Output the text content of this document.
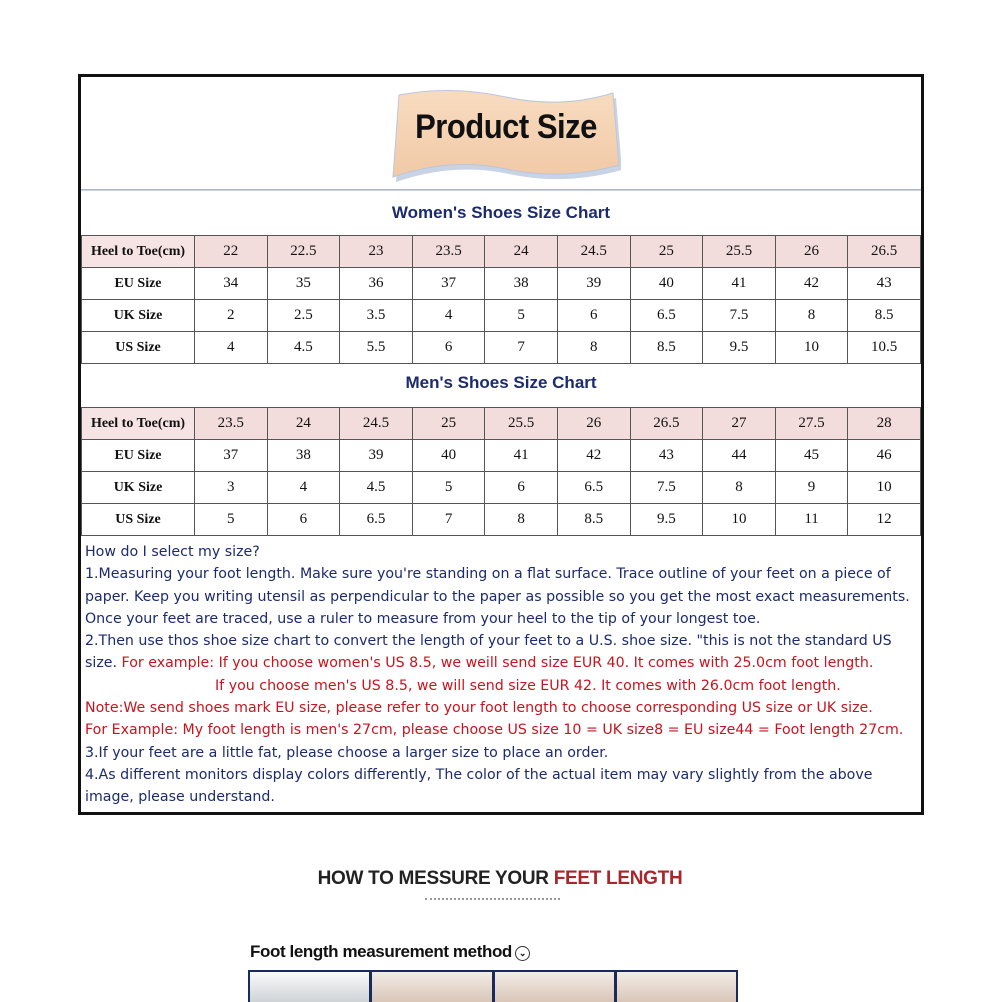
Product Size
Women's Shoes Size Chart
Heel to Toe(cm)	22	22.5	23	23.5	24	24.5	25	25.5	26	26.5
EU Size	34	35	36	37	38	39	40	41	42	43
UK Size	2	2.5	3.5	4	5	6	6.5	7.5	8	8.5
US Size	4	4.5	5.5	6	7	8	8.5	9.5	10	10.5
Men's Shoes Size Chart
Heel to Toe(cm)	23.5	24	24.5	25	25.5	26	26.5	27	27.5	28
EU Size	37	38	39	40	41	42	43	44	45	46
UK Size	3	4	4.5	5	6	6.5	7.5	8	9	10
US Size	5	6	6.5	7	8	8.5	9.5	10	11	12
How do I select my size?
1.Measuring your foot length. Make sure you're standing on a flat surface. Trace outline of your feet on a piece of
paper. Keep you writing utensil as perpendicular to the paper as possible so you get the most exact measurements.
Once your feet are traced, use a ruler to measure from your heel to the tip of your longest toe.
2.Then use thos shoe size chart to convert the length of your feet to a U.S. shoe size. "this is not the standard US
size. For example: If you choose women's US 8.5, we weill send size EUR 40. It comes with 25.0cm foot length.
If you choose men's US 8.5, we will send size EUR 42. It comes with 26.0cm foot length.
Note:We send shoes mark EU size, please refer to your foot length to choose corresponding US size or UK size.
For Example: My foot length is men's 27cm, please choose US size 10 = UK size8 = EU size44 = Foot length 27cm.
3.If your feet are a little fat, please choose a larger size to place an order.
4.As different monitors display colors differently, The color of the actual item may vary slightly from the above
image, please understand.
HOW TO MESSURE YOUR FEET LENGTH
Foot length measurement method ⌄
